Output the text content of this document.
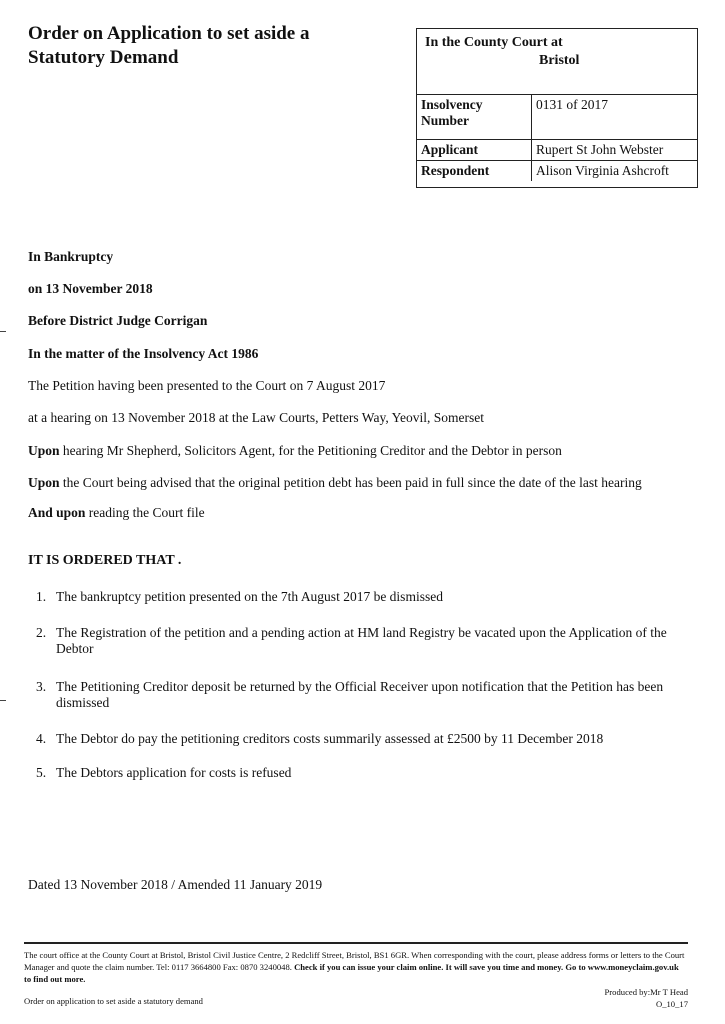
Order on Application to set aside a Statutory Demand
In the County Court at
Bristol
Insolvency Number	0131 of 2017
Applicant	Rupert St John Webster
Respondent	Alison Virginia Ashcroft
In Bankruptcy
on 13 November 2018
Before District Judge Corrigan
In the matter of the Insolvency Act 1986
The Petition having been presented to the Court on 7 August 2017
at a hearing on 13 November 2018 at the Law Courts, Petters Way, Yeovil, Somerset
Upon hearing Mr Shepherd, Solicitors Agent, for the Petitioning Creditor and the Debtor in person
Upon the Court being advised that the original petition debt has been paid in full since the date of the last hearing
And upon reading the Court file
IT IS ORDERED THAT .
1. The bankruptcy petition presented on the 7th August 2017 be dismissed
2. The Registration of the petition and a pending action at HM land Registry be vacated upon the Application of the Debtor
3. The Petitioning Creditor deposit be returned by the Official Receiver upon notification that the Petition has been dismissed
4. The Debtor do pay the petitioning creditors costs summarily assessed at £2500 by 11 December 2018
5. The Debtors application for costs is refused
Dated 13 November 2018 / Amended 11 January 2019
The court office at the County Court at Bristol, Bristol Civil Justice Centre, 2 Redcliff Street, Bristol, BS1 6GR. When corresponding with the court, please address forms or letters to the Court Manager and quote the claim number. Tel: 0117 3664800 Fax: 0870 3240048. Check if you can issue your claim online. It will save you time and money. Go to www.moneyclaim.gov.uk to find out more.
Order on application to set aside a statutory demand
Produced by:Mr T Head
O_10_17
